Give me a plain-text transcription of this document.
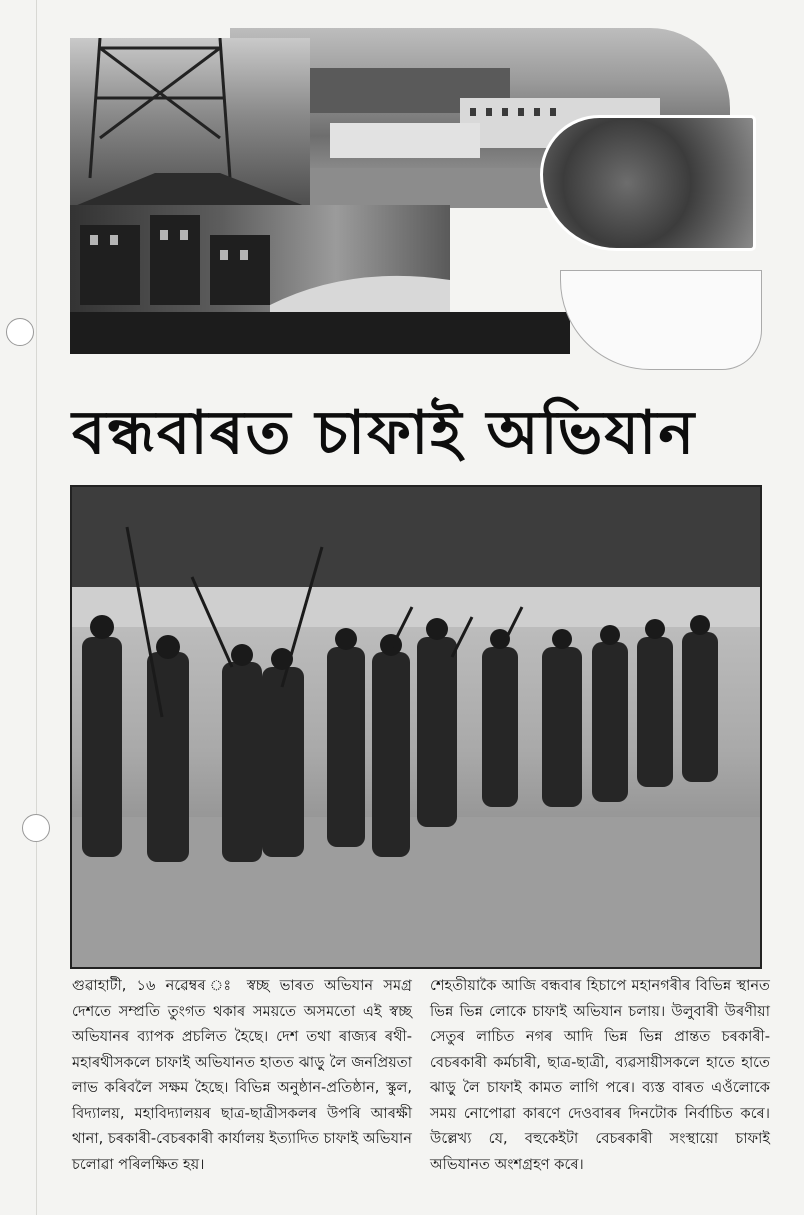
বন্ধবাৰত চাফাই অভিযান
গুৱাহাটী, ১৬ নৱেম্বৰ ঃ স্বচ্ছ ভাৰত অভিযান সমগ্ৰ দেশতে সম্প্ৰতি তুংগত থকাৰ সময়তে অসমতো এই স্বচ্ছ অভিযানৰ ব্যাপক প্ৰচলিত হৈছে। দেশ তথা ৰাজ্যৰ ৰথী-মহাৰথীসকলে চাফাই অভিযানত হাতত ঝাড়ু লৈ জনপ্ৰিয়তা লাভ কৰিবলৈ সক্ষম হৈছে। বিভিন্ন অনুষ্ঠান-প্ৰতিষ্ঠান, স্কুল, বিদ্যালয়, মহাবিদ্যালয়ৰ ছাত্ৰ-ছাত্ৰীসকলৰ উপৰি আৰক্ষী থানা, চৰকাৰী-বেচৰকাৰী কাৰ্যালয় ইত্যাদিত চাফাই অভিযান চলোৱা পৰিলক্ষিত হয়।
শেহতীয়াকৈ আজি বন্ধবাৰ হিচাপে মহানগৰীৰ বিভিন্ন স্থানত ভিন্ন ভিন্ন লোকে চাফাই অভিযান চলায়। উলুবাৰী উৰণীয়া সেতুৰ লাচিত নগৰ আদি ভিন্ন ভিন্ন প্ৰান্তত চৰকাৰী-বেচৰকাৰী কৰ্মচাৰী, ছাত্ৰ-ছাত্ৰী, ব্যৱসায়ীসকলে হাতে হাতে ঝাড়ু লৈ চাফাই কামত লাগি পৰে। ব্যস্ত বাৰত এওঁলোকে সময় নোপোৱা কাৰণে দেওবাৰৰ দিনটোক নিৰ্বাচিত কৰে। উল্লেখ্য যে, বহুকেইটা বেচৰকাৰী সংস্থায়ো চাফাই অভিযানত অংশগ্ৰহণ কৰে।
